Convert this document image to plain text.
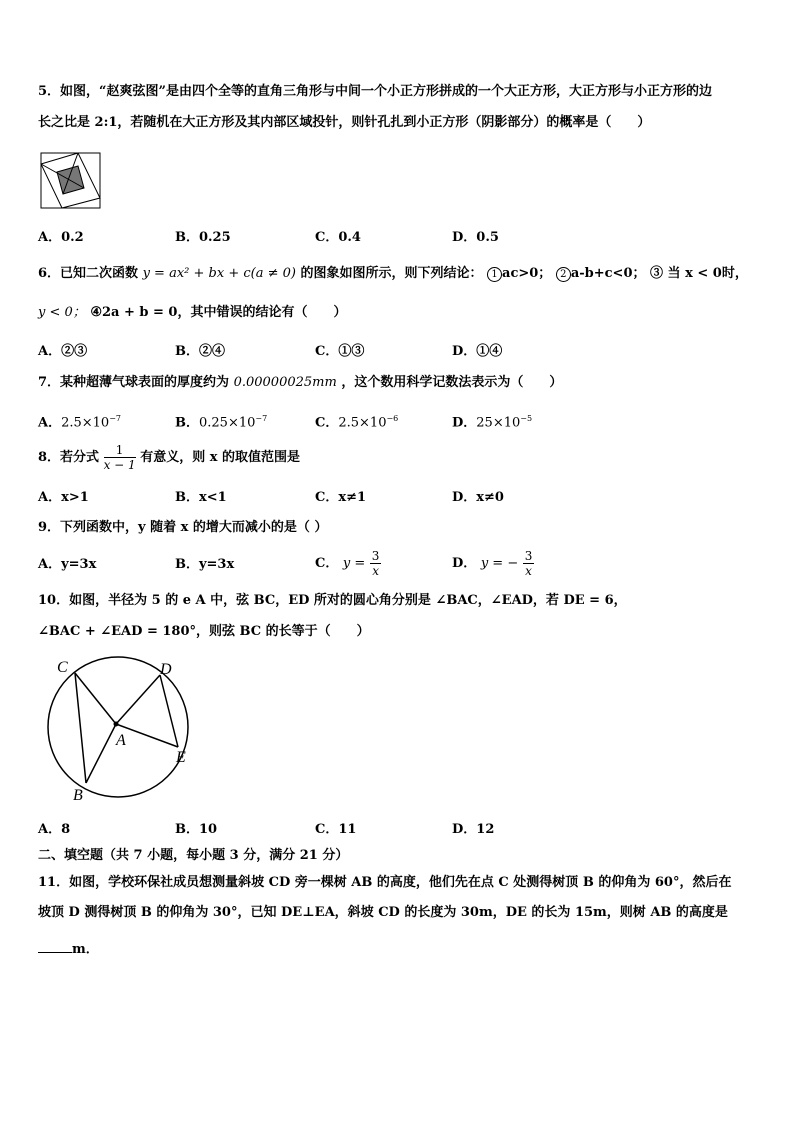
5．如图，“赵爽弦图”是由四个全等的直角三角形与中间一个小正方形拼成的一个大正方形，大正方形与小正方形的边
长之比是 2:1，若随机在大正方形及其内部区域投针，则针孔扎到小正方形（阴影部分）的概率是（　　）
A．0.2	B．0.25	C．0.4	D．0.5
6．已知二次函数 y = ax² + bx + c(a ≠ 0) 的图象如图所示，则下列结论： 1 ac>0； 2 a-b+c<0； ③ 当 x < 0时，
y < 0； ④2a + b = 0，其中错误的结论有（　　）
A．②③	B．②④	C．①③	D．①④
7．某种超薄气球表面的厚度约为 0.00000025mm ，这个数用科学记数法表示为（　　）
A．$2.5\times 10^{-7}$	B．$0.25\times 10^{-7}$	C．$2.5\times 10^{-6}$	D．$25\times 10^{-5}$
8．若分式 $\frac{1}{x - 1}$ 有意义，则 x 的取值范围是
A．x>1	B．x<1	C．x≠1	D．x≠0
9．下列函数中，y 随着 x 的增大而减小的是（ ）
A．y=3x	B．y=3x	C． $y = \frac{3}{x}$	D． y = − $\frac{3}{x}$
10．如图，半径为 5 的 e A 中，弦 BC，ED 所对的圆心角分别是 ∠BAC，∠EAD，若 DE = 6，
∠BAC + ∠EAD = 180°，则弦 BC 的长等于（　　）
C	D
A
E
B
A．8	B．10	C．11	D．12
二、填空题（共 7 小题，每小题 3 分，满分 21 分）
11．如图，学校环保社成员想测量斜坡 CD 旁一棵树 AB 的高度，他们先在点 C 处测得树顶 B 的仰角为 60°，然后在
坡顶 D 测得树顶 B 的仰角为 30°，已知 DE⊥EA，斜坡 CD 的长度为 30m，DE 的长为 15m，则树 AB 的高度是
m．
